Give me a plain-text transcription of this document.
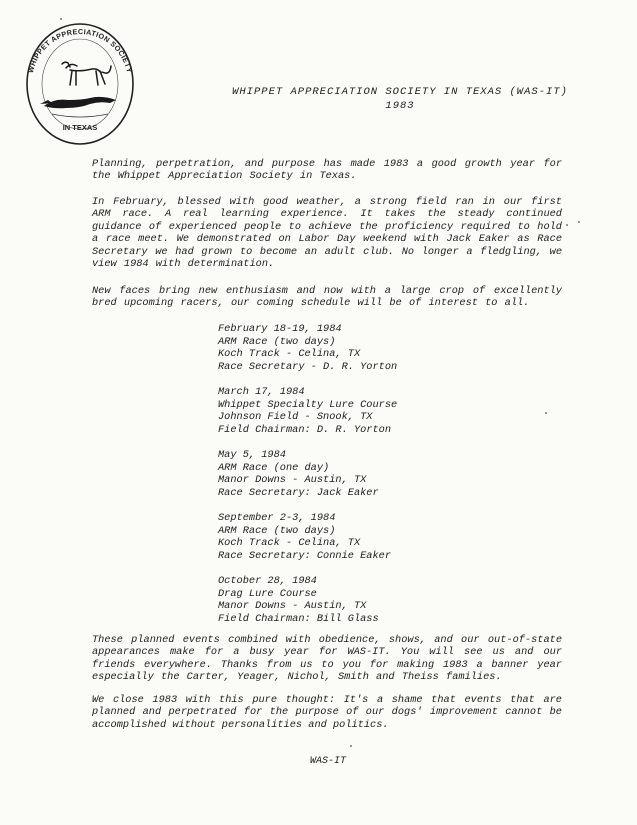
WHIPPET APPRECIATION SOCIETY
IN TEXAS
WHIPPET APPRECIATION SOCIETY IN TEXAS (WAS-IT)
1983

Planning, perpetration, and purpose has made 1983 a good growth year for the Whippet Appreciation Society in Texas.

In February, blessed with good weather, a strong field ran in our first ARM race. A real learning experience. It takes the steady continued guidance of experienced people to achieve the proficiency required to hold a race meet. We demonstrated on Labor Day weekend with Jack Eaker as Race Secretary we had grown to become an adult club. No longer a fledgling, we view 1984 with determination.

New faces bring new enthusiasm and now with a large crop of excellently bred upcoming racers, our coming schedule will be of interest to all.

February 18-19, 1984
ARM Race (two days)
Koch Track - Celina, TX
Race Secretary - D. R. Yorton
March 17, 1984
Whippet Specialty Lure Course
Johnson Field - Snook, TX
Field Chairman: D. R. Yorton
May 5, 1984
ARM Race (one day)
Manor Downs - Austin, TX
Race Secretary: Jack Eaker
September 2-3, 1984
ARM Race (two days)
Koch Track - Celina, TX
Race Secretary: Connie Eaker
October 28, 1984
Drag Lure Course
Manor Downs - Austin, TX
Field Chairman: Bill Glass

These planned events combined with obedience, shows, and our out-of-state appearances make for a busy year for WAS-IT. You will see us and our friends everywhere. Thanks from us to you for making 1983 a banner year especially the Carter, Yeager, Nichol, Smith and Theiss families.

We close 1983 with this pure thought: It's a shame that events that are planned and perpetrated for the purpose of our dogs' improvement cannot be accomplished without personalities and politics.

WAS-IT
